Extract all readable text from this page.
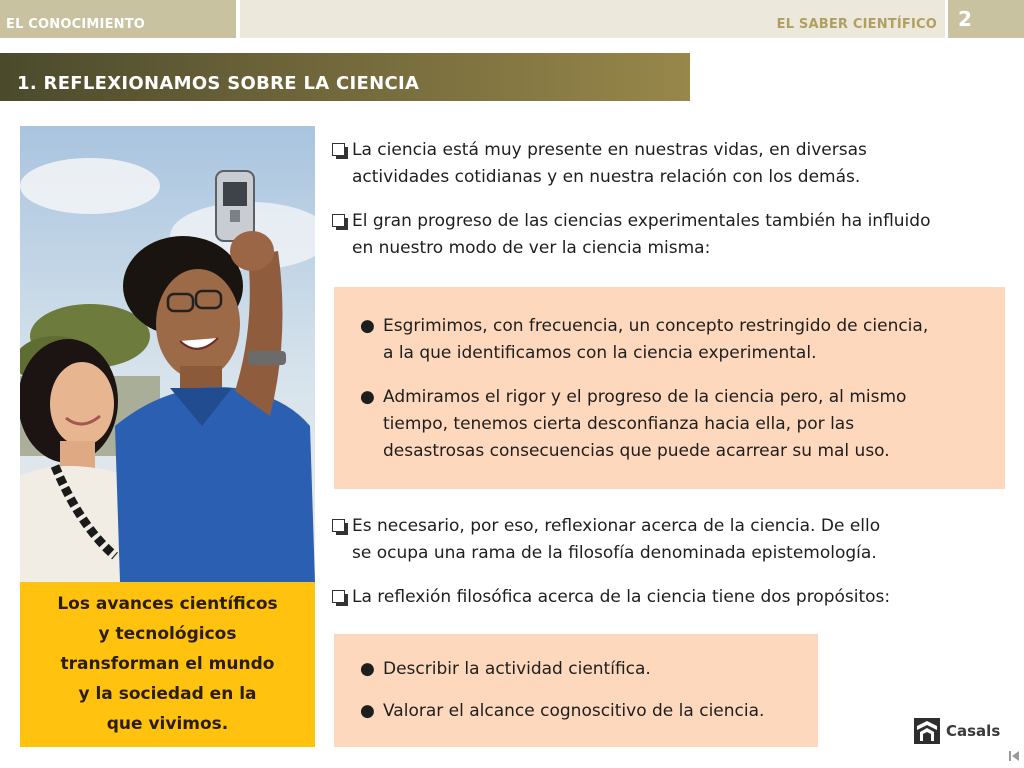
EL CONOCIMIENTO	EL SABER CIENTÍFICO	2
1. REFLEXIONAMOS SOBRE LA CIENCIA
Los avances científicos
y tecnológicos
transforman el mundo
y la sociedad en la
que vivimos.
La ciencia está muy presente en nuestras vidas, en diversas
actividades cotidianas y en nuestra relación con los demás.
El gran progreso de las ciencias experimentales también ha influido
en nuestro modo de ver la ciencia misma:
● Esgrimimos, con frecuencia, un concepto restringido de ciencia,
a la que identificamos con la ciencia experimental.
● Admiramos el rigor y el progreso de la ciencia pero, al mismo
tiempo, tenemos cierta desconfianza hacia ella, por las
desastrosas consecuencias que puede acarrear su mal uso.
Es necesario, por eso, reflexionar acerca de la ciencia. De ello
se ocupa una rama de la filosofía denominada epistemología.
La reflexión filosófica acerca de la ciencia tiene dos propósitos:
● Describir la actividad científica.
● Valorar el alcance cognoscitivo de la ciencia.
Casals
